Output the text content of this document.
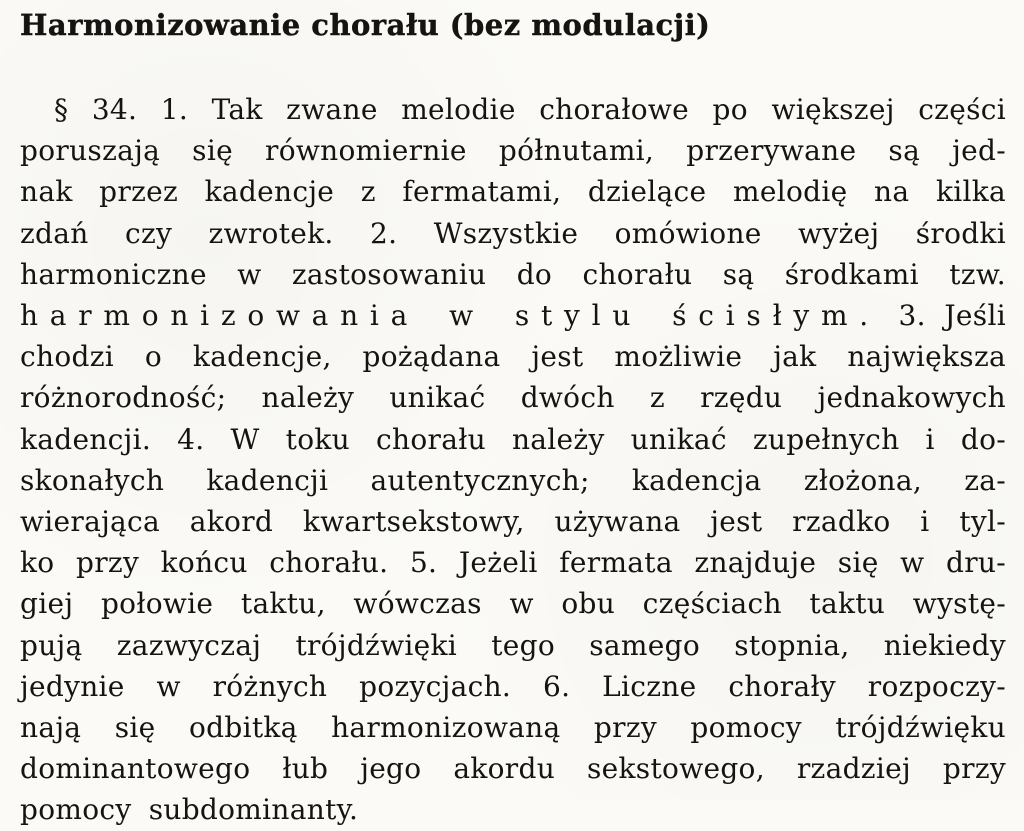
Harmonizowanie chorału (bez modulacji)
§ 34. 1. Tak zwane melodie chorałowe po większej części
poruszają się równomiernie półnutami, przerywane są jed-
nak przez kadencje z fermatami, dzielące melodię na kilka
zdań czy zwrotek. 2. Wszystkie omówione wyżej środki
harmoniczne w zastosowaniu do chorału są środkami tzw.
harmonizowania w stylu ścisłym. 3. Jeśli
chodzi o kadencje, pożądana jest możliwie jak największa
różnorodność; należy unikać dwóch z rzędu jednakowych
kadencji. 4. W toku chorału należy unikać zupełnych i do-
skonałych kadencji autentycznych; kadencja złożona, za-
wierająca akord kwartsekstowy, używana jest rzadko i tyl-
ko przy końcu chorału. 5. Jeżeli fermata znajduje się w dru-
giej połowie taktu, wówczas w obu częściach taktu wystę-
pują zazwyczaj trójdźwięki tego samego stopnia, niekiedy
jedynie w różnych pozycjach. 6. Liczne chorały rozpoczy-
nają się odbitką harmonizowaną przy pomocy trójdźwięku
dominantowego łub jego akordu sekstowego, rzadziej przy
pomocy subdominanty.
